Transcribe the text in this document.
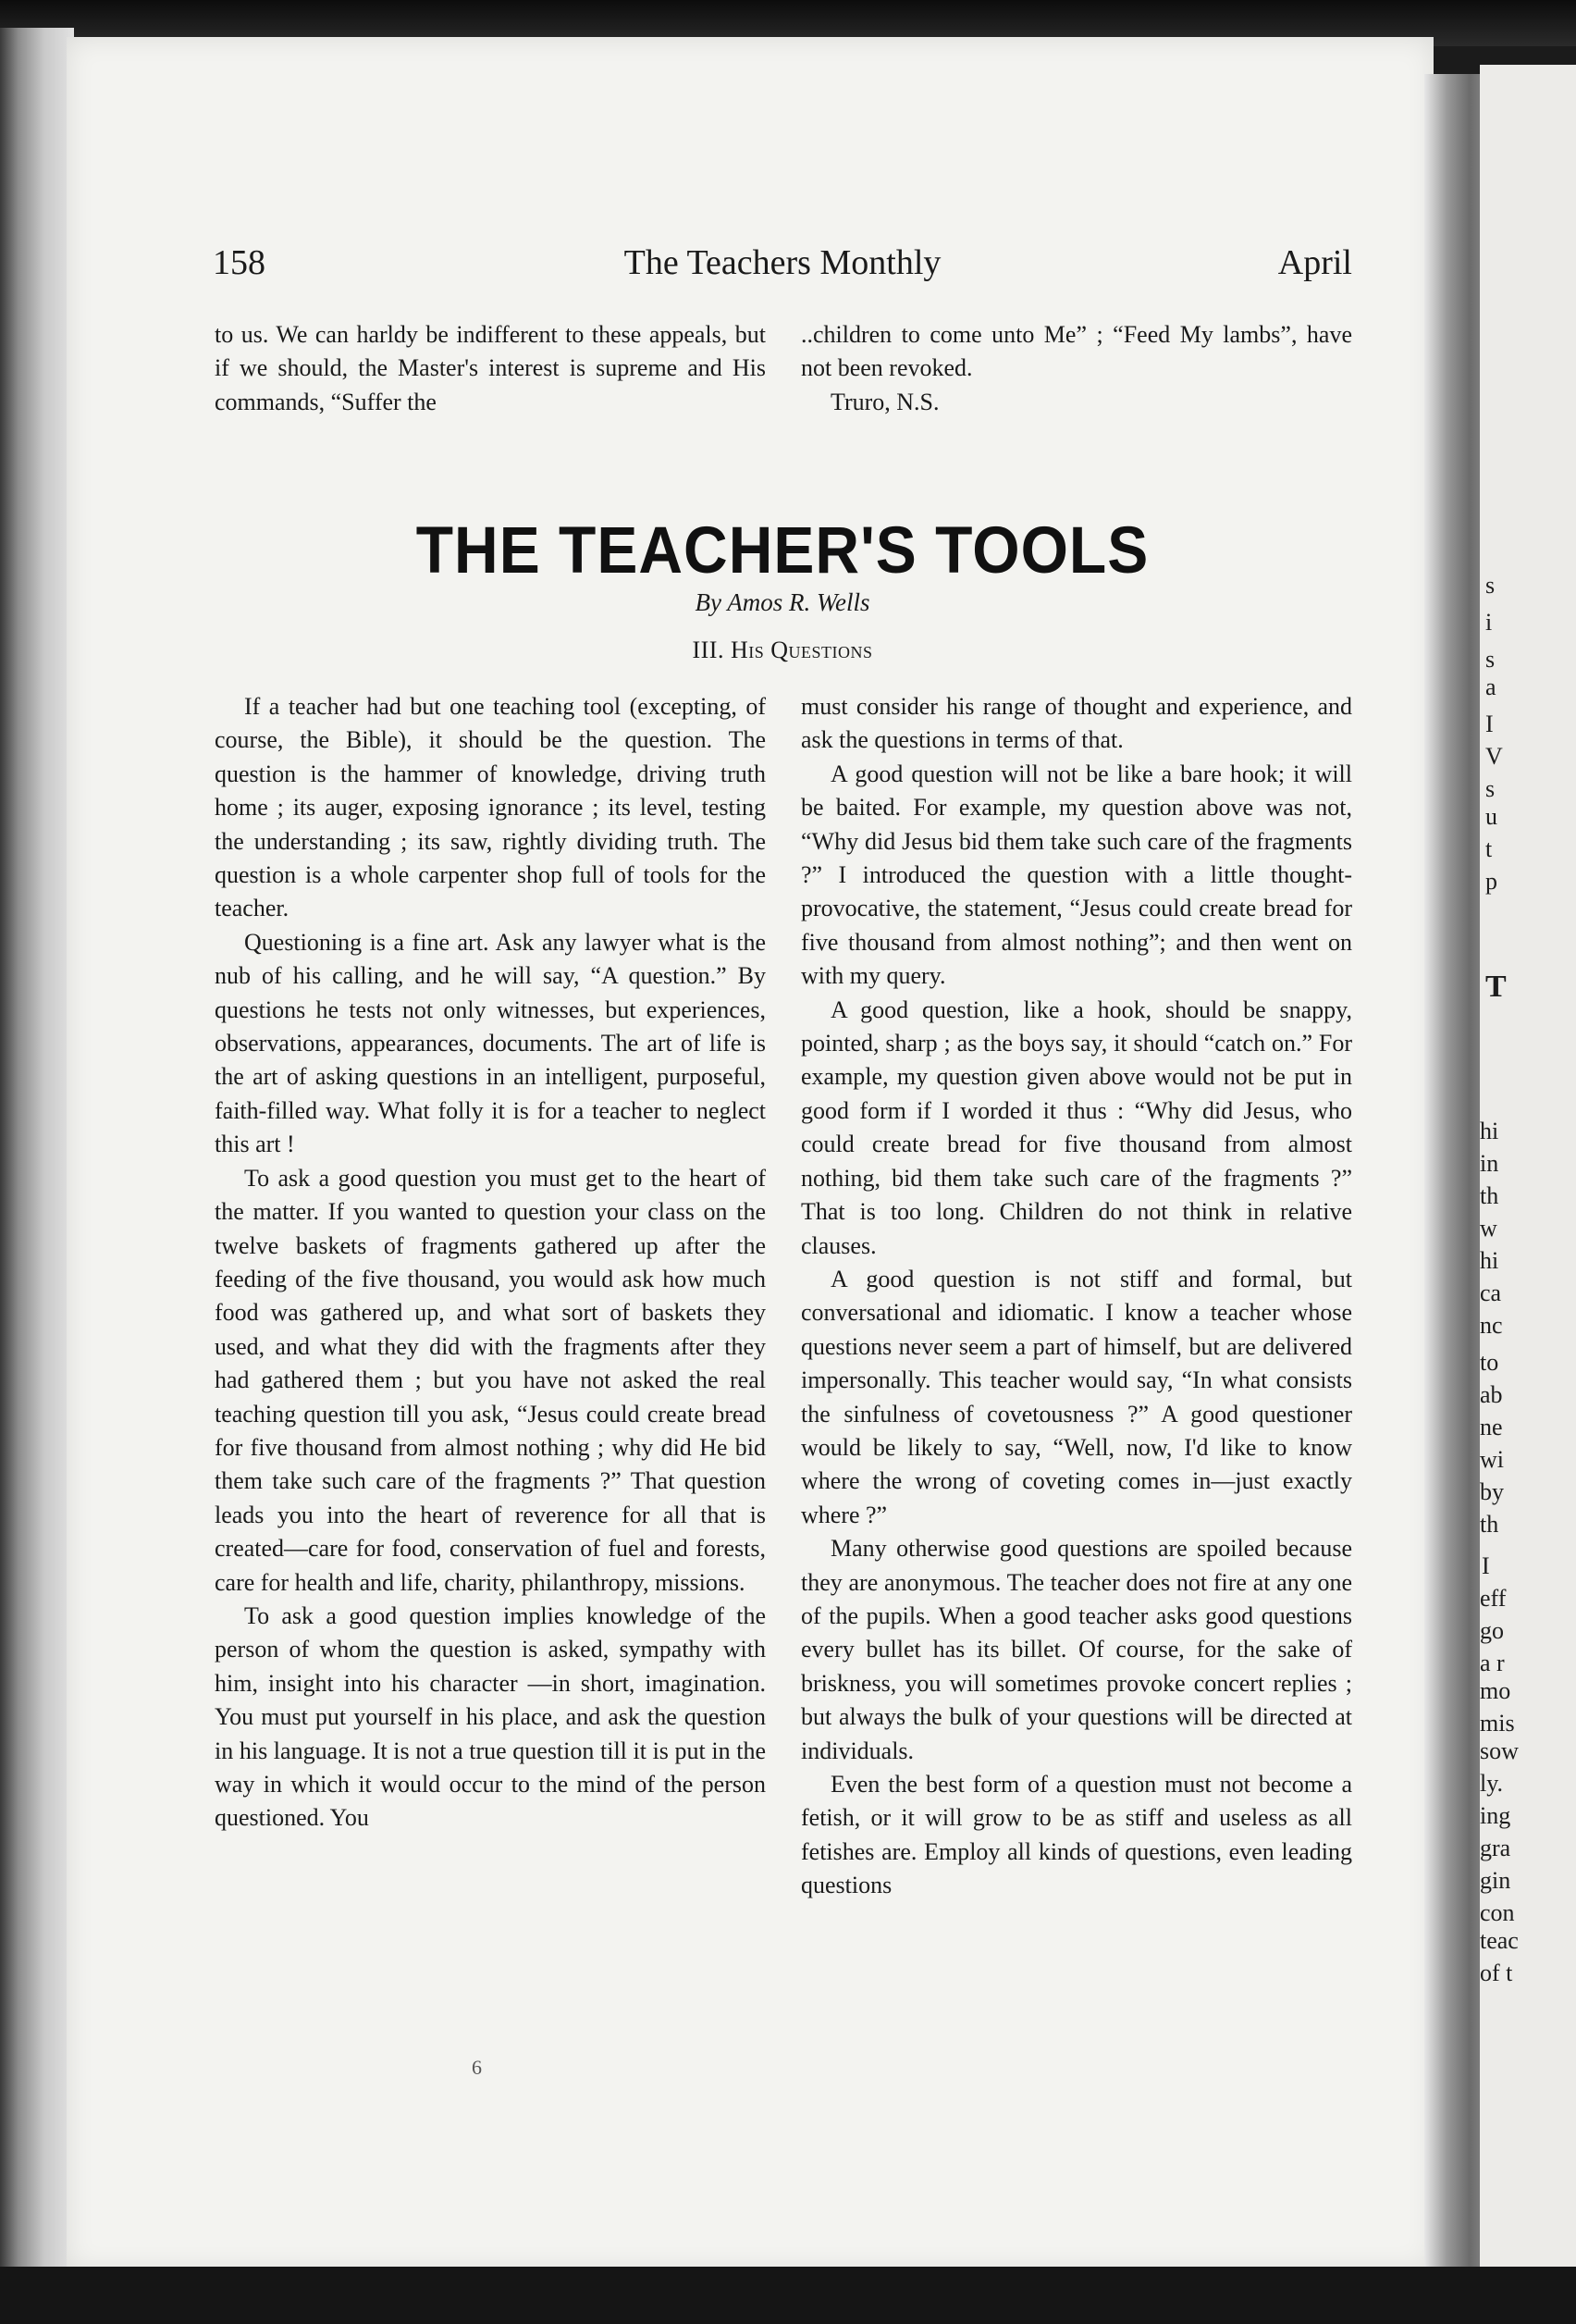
s
i
s
a
I
V
s
u
t
p
T
hi
in
th
w
hi
ca
nc
to
ab
ne
wi
by
th
I
eff
go
a r
mo
mis
sow
ly.
ing
gra
gin
con
teac
of t
158	The Teachers Monthly	April

to us. We can harldy be indifferent to these appeals, but if we should, the Master's interest is supreme and His commands, “Suffer the

..children to come unto Me” ; “Feed My lambs”, have not been revoked.

Truro, N.S.

THE TEACHER'S TOOLS
By Amos R. Wells
III. His Questions

If a teacher had but one teaching tool (excepting, of course, the Bible), it should be the question. The question is the hammer of knowledge, driving truth home ; its auger, exposing ignorance ; its level, testing the understanding ; its saw, rightly dividing truth. The question is a whole carpenter shop full of tools for the teacher.

Questioning is a fine art. Ask any lawyer what is the nub of his calling, and he will say, “A question.” By questions he tests not only witnesses, but experiences, observations, appearances, documents. The art of life is the art of asking questions in an intelligent, purposeful, faith-filled way. What folly it is for a teacher to neglect this art !

To ask a good question you must get to the heart of the matter. If you wanted to question your class on the twelve baskets of fragments gathered up after the feeding of the five thousand, you would ask how much food was gathered up, and what sort of baskets they used, and what they did with the fragments after they had gathered them ; but you have not asked the real teaching question till you ask, “Jesus could create bread for five thousand from almost nothing ; why did He bid them take such care of the fragments ?” That question leads you into the heart of reverence for all that is created—care for food, conservation of fuel and forests, care for health and life, charity, philanthropy, missions.

To ask a good question implies knowledge of the person of whom the question is asked, sympathy with him, insight into his character —in short, imagination. You must put yourself in his place, and ask the question in his language. It is not a true question till it is put in the way in which it would occur to the mind of the person questioned. You

must consider his range of thought and experience, and ask the questions in terms of that.

A good question will not be like a bare hook; it will be baited. For example, my question above was not, “Why did Jesus bid them take such care of the fragments ?” I introduced the question with a little thought-provocative, the statement, “Jesus could create bread for five thousand from almost nothing”; and then went on with my query.

A good question, like a hook, should be snappy, pointed, sharp ; as the boys say, it should “catch on.” For example, my question given above would not be put in good form if I worded it thus : “Why did Jesus, who could create bread for five thousand from almost nothing, bid them take such care of the fragments ?” That is too long. Children do not think in relative clauses.

A good question is not stiff and formal, but conversational and idiomatic. I know a teacher whose questions never seem a part of himself, but are delivered impersonally. This teacher would say, “In what consists the sinfulness of covetousness ?” A good questioner would be likely to say, “Well, now, I'd like to know where the wrong of coveting comes in—just exactly where ?”

Many otherwise good questions are spoiled because they are anonymous. The teacher does not fire at any one of the pupils. When a good teacher asks good questions every bullet has its billet. Of course, for the sake of briskness, you will sometimes provoke concert replies ; but always the bulk of your questions will be directed at individuals.

Even the best form of a question must not become a fetish, or it will grow to be as stiff and useless as all fetishes are. Employ all kinds of questions, even leading questions

6
